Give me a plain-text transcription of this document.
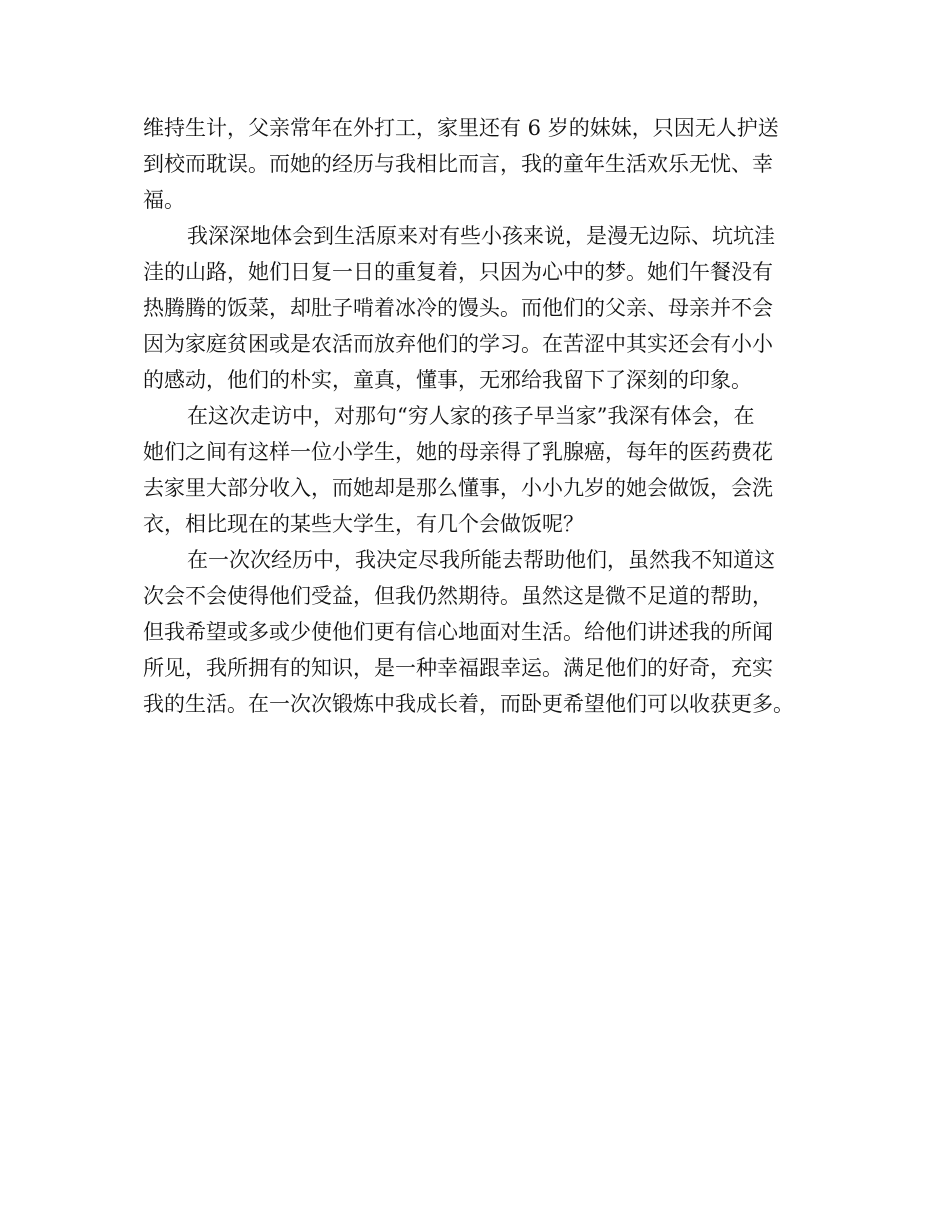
维持生计，父亲常年在外打工，家里还有 6 岁的妹妹，只因无人护送
到校而耽误。而她的经历与我相比而言，我的童年生活欢乐无忧、幸
福。
我深深地体会到生活原来对有些小孩来说，是漫无边际、坑坑洼
洼的山路，她们日复一日的重复着，只因为心中的梦。她们午餐没有
热腾腾的饭菜，却肚子啃着冰冷的馒头。而他们的父亲、母亲并不会
因为家庭贫困或是农活而放弃他们的学习。在苦涩中其实还会有小小
的感动，他们的朴实，童真，懂事，无邪给我留下了深刻的印象。
在这次走访中，对那句“穷人家的孩子早当家”我深有体会，在
她们之间有这样一位小学生，她的母亲得了乳腺癌，每年的医药费花
去家里大部分收入，而她却是那么懂事，小小九岁的她会做饭，会洗
衣，相比现在的某些大学生，有几个会做饭呢？
在一次次经历中，我决定尽我所能去帮助他们，虽然我不知道这
次会不会使得他们受益，但我仍然期待。虽然这是微不足道的帮助，
但我希望或多或少使他们更有信心地面对生活。给他们讲述我的所闻
所见，我所拥有的知识，是一种幸福跟幸运。满足他们的好奇，充实
我的生活。在一次次锻炼中我成长着，而卧更希望他们可以收获更多。
